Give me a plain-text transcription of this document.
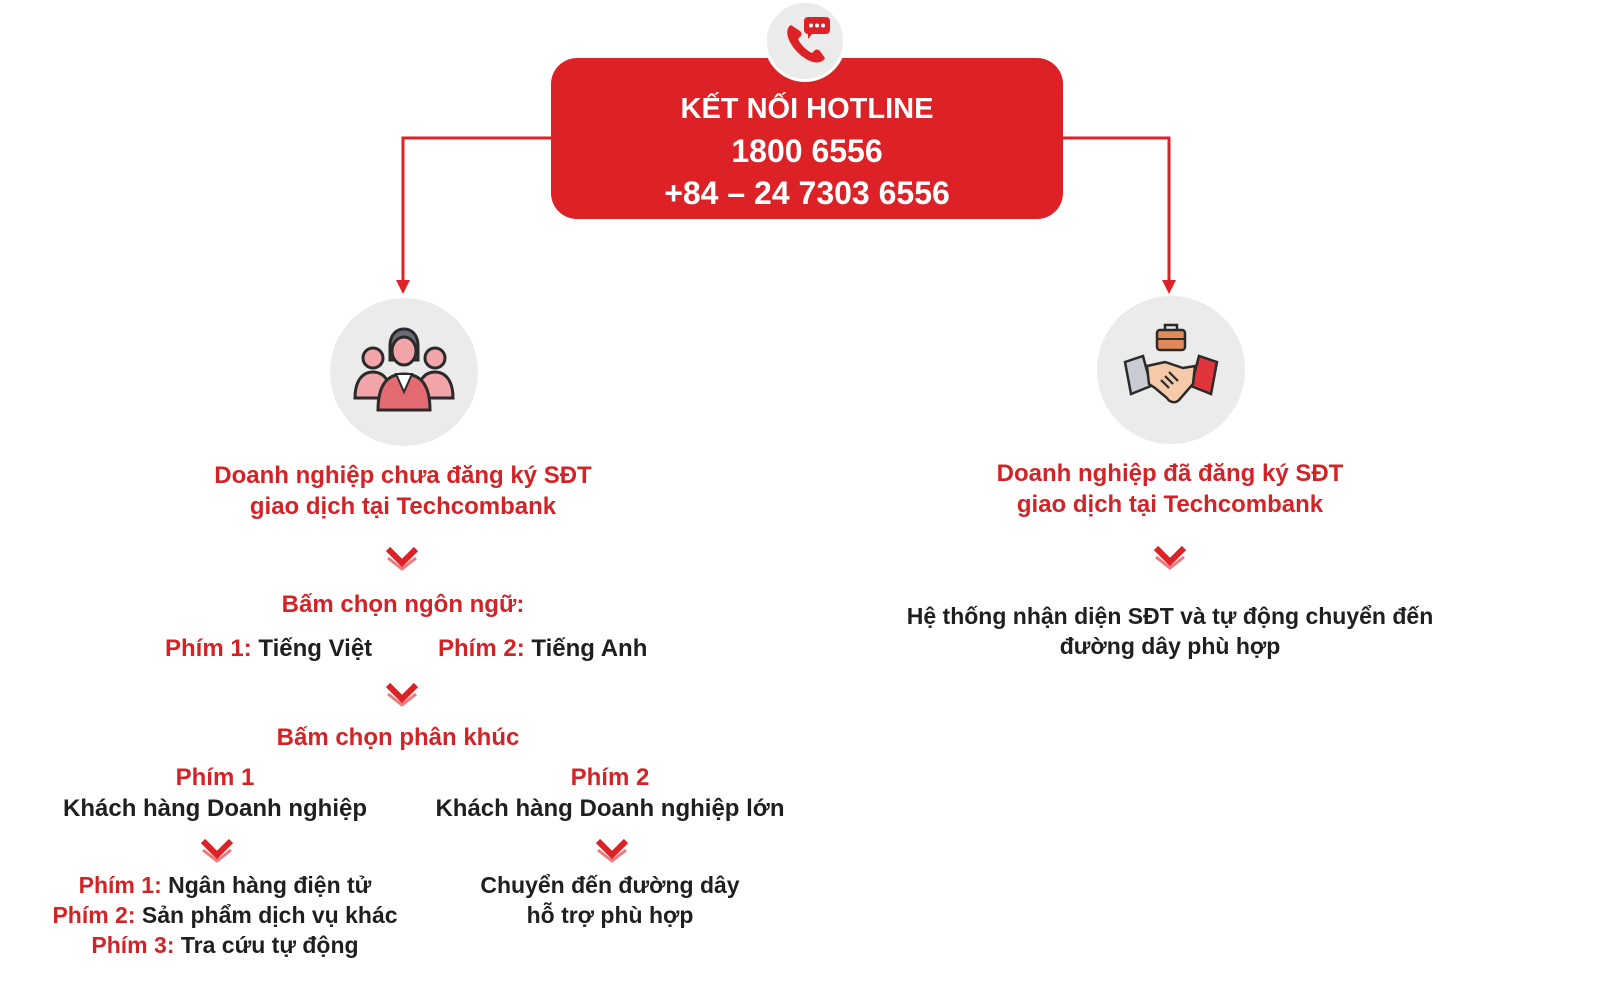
KẾT NỐI HOTLINE
1800 6556
+84 – 24 7303 6556
Doanh nghiệp chưa đăng ký SĐT
giao dịch tại Techcombank
Bấm chọn ngôn ngữ:
Phím 1: Tiếng Việt	Phím 2: Tiếng Anh
Bấm chọn phân khúc
Phím 1
Khách hàng Doanh nghiệp
Phím 1: Ngân hàng điện tử
Phím 2: Sản phẩm dịch vụ khác
Phím 3: Tra cứu tự động
Phím 2
Khách hàng Doanh nghiệp lớn
Chuyển đến đường dây
hỗ trợ phù hợp
Doanh nghiệp đã đăng ký SĐT
giao dịch tại Techcombank
Hệ thống nhận diện SĐT và tự động chuyển đến
đường dây phù hợp
